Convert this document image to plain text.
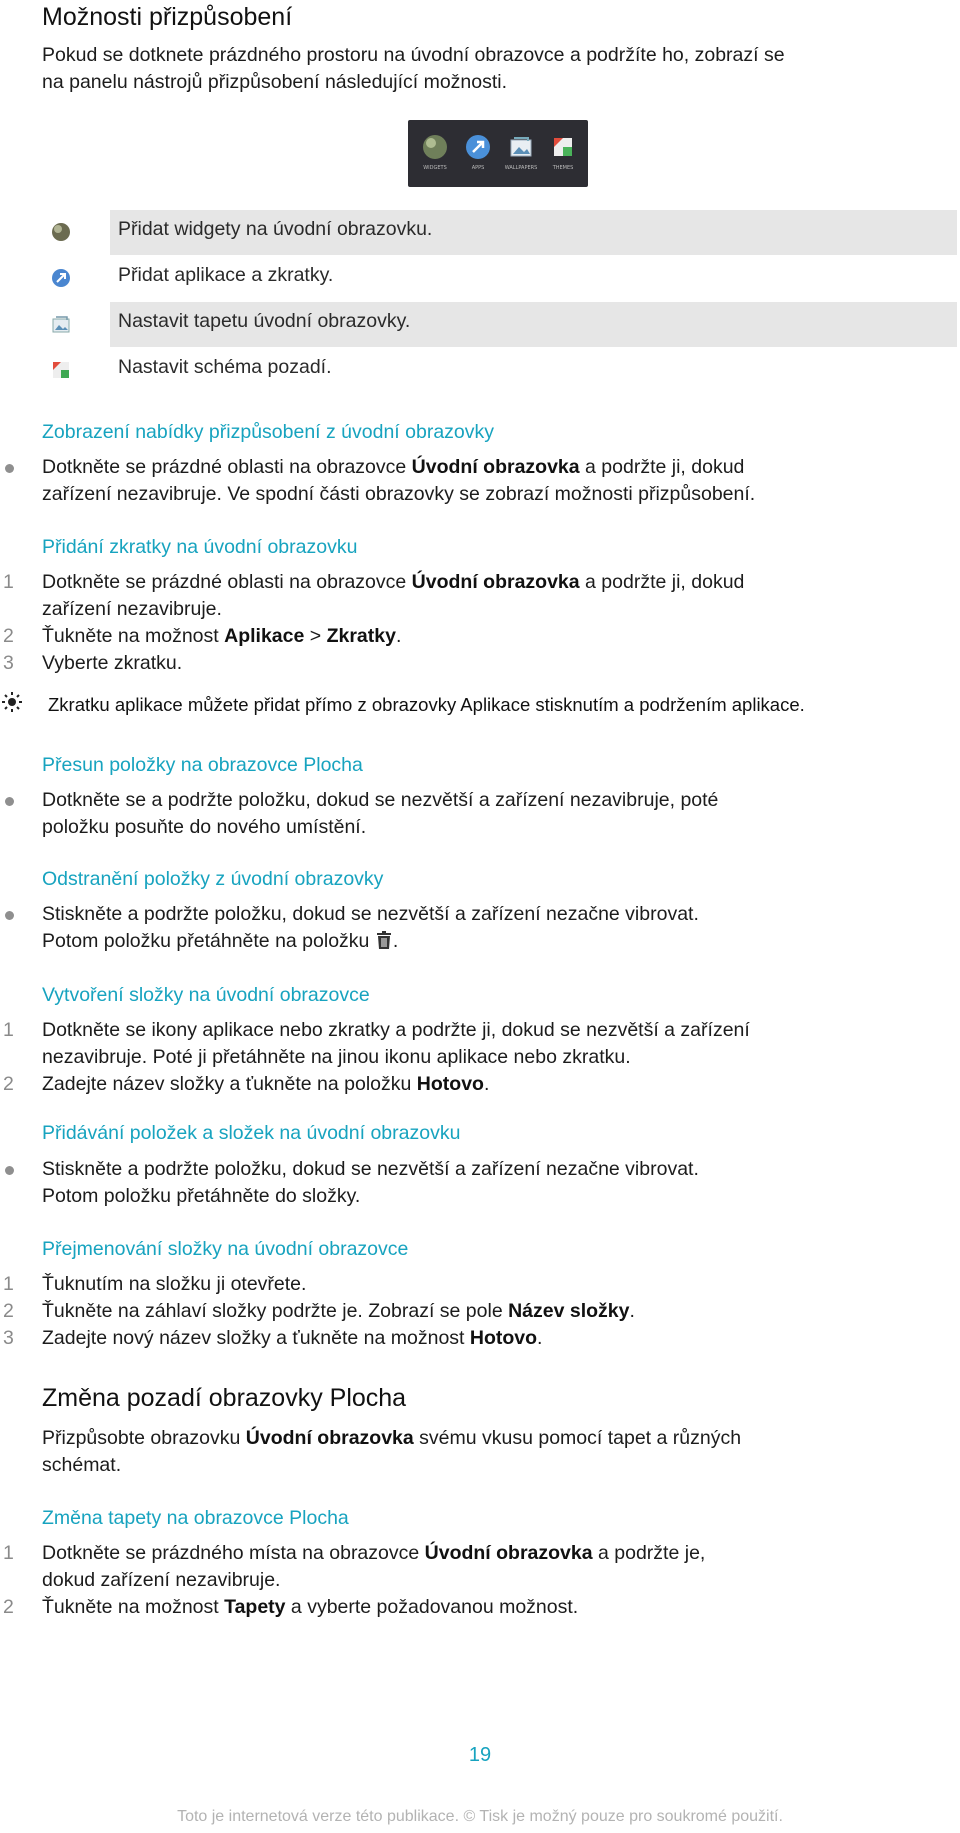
Možnosti přizpůsobení
Pokud se dotknete prázdného prostoru na úvodní obrazovce a podržíte ho, zobrazí se
na panelu nástrojů přizpůsobení následující možnosti.
WIDGETS	APPS	WALLPAPERS	THEMES
Přidat widgety na úvodní obrazovku.
Přidat aplikace a zkratky.
Nastavit tapetu úvodní obrazovky.
Nastavit schéma pozadí.
Zobrazení nabídky přizpůsobení z úvodní obrazovky
Dotkněte se prázdné oblasti na obrazovce Úvodní obrazovka a podržte ji, dokud
zařízení nezavibruje. Ve spodní části obrazovky se zobrazí možnosti přizpůsobení.
Přidání zkratky na úvodní obrazovku
1 Dotkněte se prázdné oblasti na obrazovce Úvodní obrazovka a podržte ji, dokud
zařízení nezavibruje.
2 Ťukněte na možnost Aplikace > Zkratky.
3 Vyberte zkratku.
Zkratku aplikace můžete přidat přímo z obrazovky Aplikace stisknutím a podržením aplikace.
Přesun položky na obrazovce Plocha
Dotkněte se a podržte položku, dokud se nezvětší a zařízení nezavibruje, poté
položku posuňte do nového umístění.
Odstranění položky z úvodní obrazovky
Stiskněte a podržte položku, dokud se nezvětší a zařízení nezačne vibrovat.
Potom položku přetáhněte na položku .
Vytvoření složky na úvodní obrazovce
1 Dotkněte se ikony aplikace nebo zkratky a podržte ji, dokud se nezvětší a zařízení
nezavibruje. Poté ji přetáhněte na jinou ikonu aplikace nebo zkratku.
2 Zadejte název složky a ťukněte na položku Hotovo.
Přidávání položek a složek na úvodní obrazovku
Stiskněte a podržte položku, dokud se nezvětší a zařízení nezačne vibrovat.
Potom položku přetáhněte do složky.
Přejmenování složky na úvodní obrazovce
1 Ťuknutím na složku ji otevřete.
2 Ťukněte na záhlaví složky podržte je. Zobrazí se pole Název složky.
3 Zadejte nový název složky a ťukněte na možnost Hotovo.
Změna pozadí obrazovky Plocha
Přizpůsobte obrazovku Úvodní obrazovka svému vkusu pomocí tapet a různých
schémat.
Změna tapety na obrazovce Plocha
1 Dotkněte se prázdného místa na obrazovce Úvodní obrazovka a podržte je,
dokud zařízení nezavibruje.
2 Ťukněte na možnost Tapety a vyberte požadovanou možnost.
19
Toto je internetová verze této publikace. © Tisk je možný pouze pro soukromé použití.
